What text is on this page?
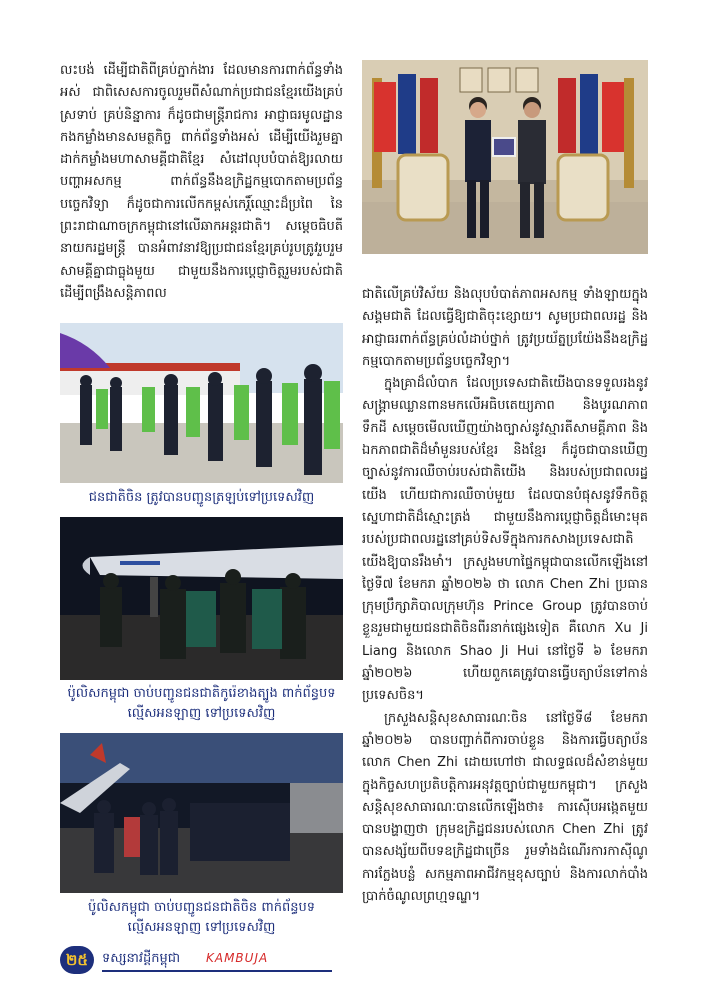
លះបង់ ដើម្បីជាតិពីគ្រប់ភ្នាក់ងារ ដែលមានការពាក់ព័ន្ធទាំងអស់ ជាពិសេសការចូលរួមពីសំណាក់ប្រជាជនខ្មែរយើងគ្រប់ស្រទាប់ គ្រប់និន្នាការ ក៏ដូចជាមន្ត្រីរាជការ អាជ្ញាធរមូលដ្ឋាន កងកម្លាំងមានសមត្ថកិច្ច ពាក់ព័ន្ធទាំងអស់ ដើម្បីយើងរួមគ្នាដាក់កម្លាំងមហាសាមគ្គីជាតិខ្មែរ សំដៅលុបបំបាត់ឱ្យរលាយបញ្ហាអសកម្ម ពាក់ព័ន្ធនឹងឧក្រិដ្ឋកម្មបោកតាមប្រព័ន្ធបច្ចេកវិទ្យា ក៏ដូចជាការលើកកម្ពស់កេរ្តិ៍ឈ្មោះដ៏ប្រពៃ នៃព្រះរាជាណាចក្រកម្ពុជានៅលើឆាកអន្តរជាតិ។ សម្តេចធិបតី នាយករដ្ឋមន្ត្រី បានអំពាវនាវឱ្យប្រជាជនខ្មែរគ្រប់រូបត្រូវរួបរួមសាមគ្គីគ្នាជាធ្លុងមួយ ជាមួយនឹងការប្តេជ្ញាចិត្តរួមរបស់ជាតិ ដើម្បីពង្រឹងសន្តិភាពល	ជាតិលើគ្រប់វិស័យ និងលុបបំបាត់ភាពអសកម្ម ទាំងឡាយក្នុងសង្គមជាតិ ដែលធ្វើឱ្យជាតិចុះខ្សោយ។ សូមប្រជាពលរដ្ឋ និងអាជ្ញាធរពាក់ព័ន្ធគ្រប់លំដាប់ថ្នាក់ ត្រូវប្រយ័ត្នប្រយ៉ែងនឹងឧក្រិដ្ឋកម្មបោកតាមប្រព័ន្ធបច្ចេកវិទ្យា។

ក្នុងគ្រាដ៏លំបាក ដែលប្រទេសជាតិយើងបានទទួលរងនូវសង្គ្រាមឈ្លានពានមកលើអធិបតេយ្យភាព និងបូរណភាពទឹកដី សម្តេចមើលឃើញយ៉ាងច្បាស់នូវស្មារតីសាមគ្គីភាព និងឯកភាពជាតិដ៏មាំមួនរបស់ខ្មែរ និងខ្មែរ ក៏ដូចជាបានឃើញច្បាស់នូវការឈឺចាប់របស់ជាតិយើង និងរបស់ប្រជាពលរដ្ឋយើង ហើយជាការឈឺចាប់មួយ ដែលបានបំផុសនូវទឹកចិត្តស្នេហាជាតិដ៏ស្មោះត្រង់ ជាមួយនឹងការប្តេជ្ញាចិត្តដ៏មោះមុតរបស់ប្រជាពលរដ្ឋនៅគ្រប់ទិសទីក្នុងការកសាងប្រទេសជាតិយើងឱ្យបានរឹងមាំ។ ក្រសួងមហាផ្ទៃកម្ពុជាបានលើកឡើងនៅថ្ងៃទី៧ ខែមករា ឆ្នាំ២០២៦ ថា លោក Chen Zhi ប្រធានក្រុមប្រឹក្សាភិបាលក្រុមហ៊ុន Prince Group ត្រូវបានចាប់ខ្លួនរួមជាមួយជនជាតិចិនពីរនាក់ផ្សេងទៀត គឺលោក Xu Ji Liang និងលោក Shao Ji Hui នៅថ្ងៃទី ៦ ខែមករា ឆ្នាំ២០២៦ ហើយពួកគេត្រូវបានធ្វើបត្យាប័នទៅកាន់ប្រទេសចិន។

ក្រសួងសន្តិសុខសាធារណៈចិន នៅថ្ងៃទី៨ ខែមករា ឆ្នាំ២០២៦ បានបញ្ជាក់ពីការចាប់ខ្លួន និងការធ្វើបត្យាប័នលោក Chen Zhi ដោយហៅថា ជាលទ្ធផលដ៏សំខាន់មួយក្នុងកិច្ចសហប្រតិបត្តិការអនុវត្តច្បាប់ជាមួយកម្ពុជា។ ក្រសួងសន្តិសុខសាធារណៈបានលើកឡើងថា៖ ការស៊ើបអង្កេតមួយបានបង្ហាញថា ក្រុមឧក្រិដ្ឋជនរបស់លោក Chen Zhi ត្រូវបានសង្ស័យពីបទឧក្រិដ្ឋជាច្រើន រួមទាំងដំណើរការកាស៊ីណូ ការក្លែងបន្លំ សកម្មភាពអាជីវកម្មខុសច្បាប់ និងការលាក់បាំងប្រាក់ចំណូលព្រហ្មទណ្ឌ។

ជនជាតិចិន ត្រូវបានបញ្ជូនត្រឡប់ទៅប្រទេសវិញ
ប៉ូលិសកម្ពុជា ចាប់បញ្ជូនជនជាតិកូរ៉េខាងត្បូង ពាក់ព័ន្ធបទល្មើសអនឡាញ ទៅប្រទេសវិញ
ប៉ូលិសកម្ពុជា ចាប់បញ្ជូនជនជាតិចិន ពាក់ព័ន្ធបទល្មើសអនឡាញ ទៅប្រទេសវិញ
២៥	ទស្សនាវដ្តីកម្ពុជា KAMBUJA
